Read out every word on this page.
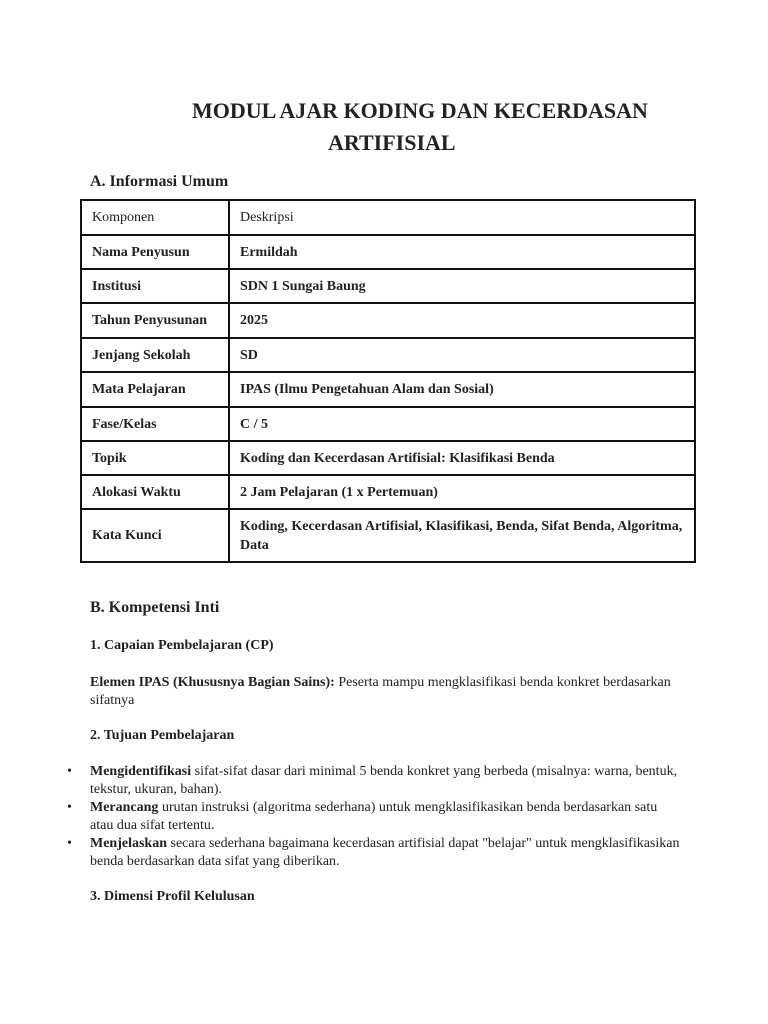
MODUL AJAR KODING DAN KECERDASAN
ARTIFISIAL
A. Informasi Umum
Komponen	Deskripsi
Nama Penyusun	Ermildah
Institusi	SDN 1 Sungai Baung
Tahun Penyusunan	2025
Jenjang Sekolah	SD
Mata Pelajaran	IPAS (Ilmu Pengetahuan Alam dan Sosial)
Fase/Kelas	C / 5
Topik	Koding dan Kecerdasan Artifisial: Klasifikasi Benda
Alokasi Waktu	2 Jam Pelajaran (1 x Pertemuan)
Kata Kunci	Koding, Kecerdasan Artifisial, Klasifikasi, Benda, Sifat Benda, Algoritma, Data
B. Kompetensi Inti
1. Capaian Pembelajaran (CP)
Elemen IPAS (Khususnya Bagian Sains): Peserta mampu mengklasifikasi benda konkret berdasarkan sifatnya
2. Tujuan Pembelajaran
• Mengidentifikasi sifat-sifat dasar dari minimal 5 benda konkret yang berbeda (misalnya: warna, bentuk, tekstur, ukuran, bahan).
• Merancang urutan instruksi (algoritma sederhana) untuk mengklasifikasikan benda berdasarkan satu atau dua sifat tertentu.
• Menjelaskan secara sederhana bagaimana kecerdasan artifisial dapat "belajar" untuk mengklasifikasikan benda berdasarkan data sifat yang diberikan.
3. Dimensi Profil Kelulusan
